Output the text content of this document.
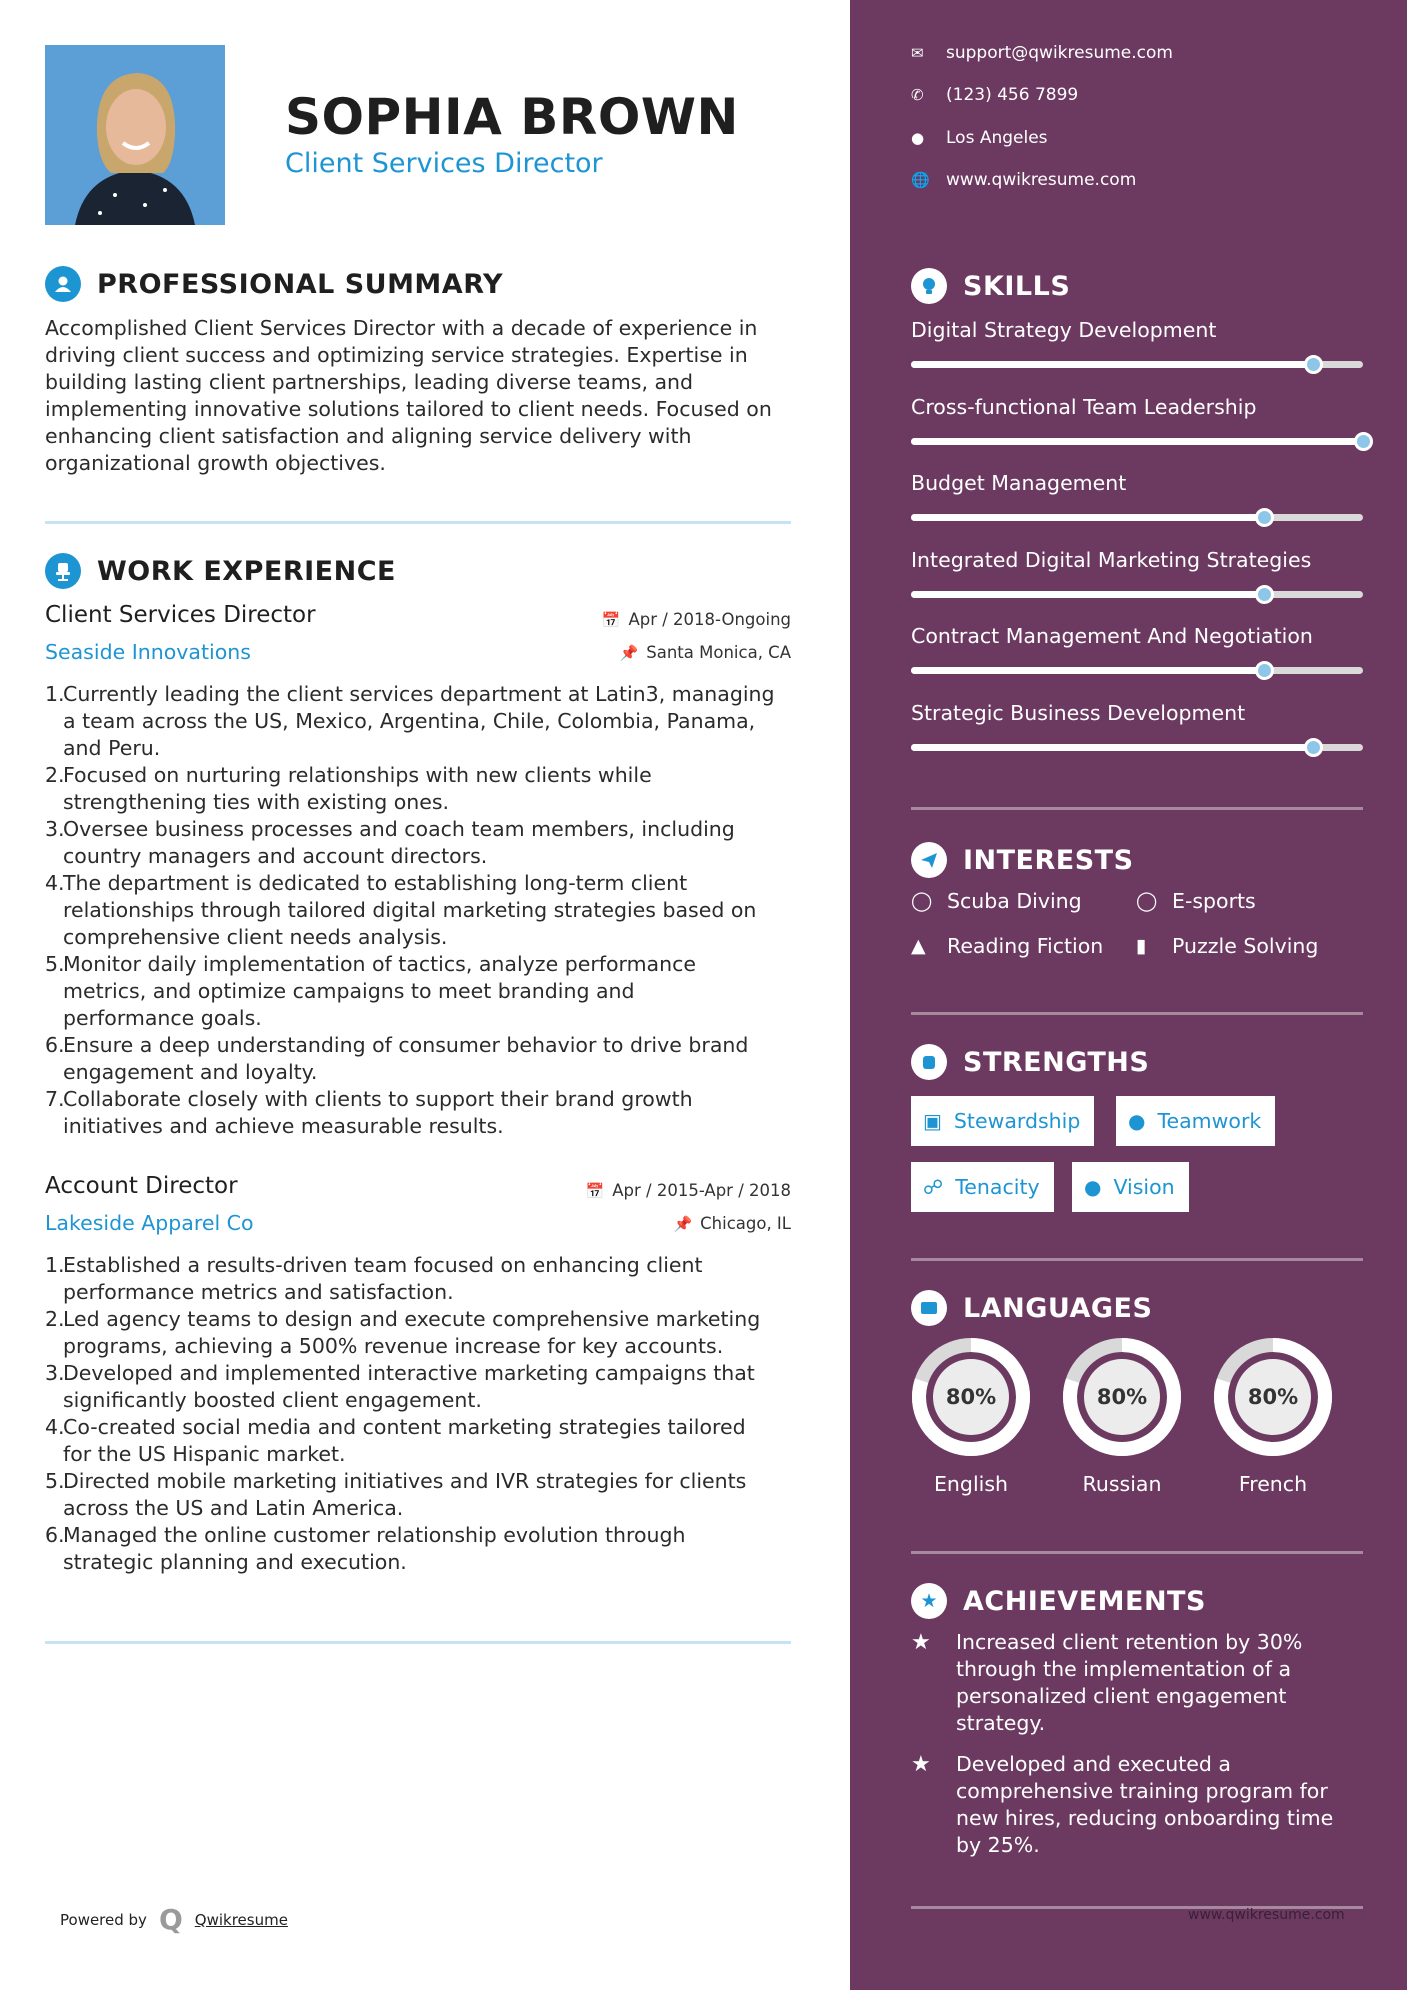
SOPHIA BROWN
Client Services Director
PROFESSIONAL SUMMARY
Accomplished Client Services Director with a decade of experience in
driving client success and optimizing service strategies. Expertise in
building lasting client partnerships, leading diverse teams, and
implementing innovative solutions tailored to client needs. Focused on
enhancing client satisfaction and aligning service delivery with
organizational growth objectives.
WORK EXPERIENCE
Client Services Director	📅 Apr / 2018-Ongoing
Seaside Innovations	📌 Santa Monica, CA
1.
Currently leading the client services department at Latin3, managing
a team across the US, Mexico, Argentina, Chile, Colombia, Panama,
and Peru.
2.
Focused on nurturing relationships with new clients while
strengthening ties with existing ones.
3.
Oversee business processes and coach team members, including
country managers and account directors.
4.
The department is dedicated to establishing long-term client
relationships through tailored digital marketing strategies based on
comprehensive client needs analysis.
5.
Monitor daily implementation of tactics, analyze performance
metrics, and optimize campaigns to meet branding and
performance goals.
6.
Ensure a deep understanding of consumer behavior to drive brand
engagement and loyalty.
7.
Collaborate closely with clients to support their brand growth
initiatives and achieve measurable results.
Account Director	📅 Apr / 2015-Apr / 2018
Lakeside Apparel Co	📌 Chicago, IL
1.
Established a results-driven team focused on enhancing client
performance metrics and satisfaction.
2.
Led agency teams to design and execute comprehensive marketing
programs, achieving a 500% revenue increase for key accounts.
3.
Developed and implemented interactive marketing campaigns that
significantly boosted client engagement.
4.
Co-created social media and content marketing strategies tailored
for the US Hispanic market.
5.
Directed mobile marketing initiatives and IVR strategies for clients
across the US and Latin America.
6.
Managed the online customer relationship evolution through
strategic planning and execution.
Powered by Q Qwikresume
✉	support@qwikresume.com
✆	(123) 456 7899
●	Los Angeles
🌐 www.qwikresume.com
SKILLS
Digital Strategy Development
Cross-functional Team Leadership
Budget Management
Integrated Digital Marketing Strategies
Contract Management And Negotiation
Strategic Business Development
INTERESTS
◯ Scuba Diving	◯ E-sports
▲	Reading Fiction ▮	Puzzle Solving
STRENGTHS
▣ Stewardship ● Teamwork
☍ Tenacity ● Vision
LANGUAGES
80%
English
80%
Russian
80%
French
★ ACHIEVEMENTS
★	Increased client retention by 30%
through the implementation of a
personalized client engagement
strategy.
★	Developed and executed a
comprehensive training program for
new hires, reducing onboarding time
by 25%.
www.qwikresume.com
